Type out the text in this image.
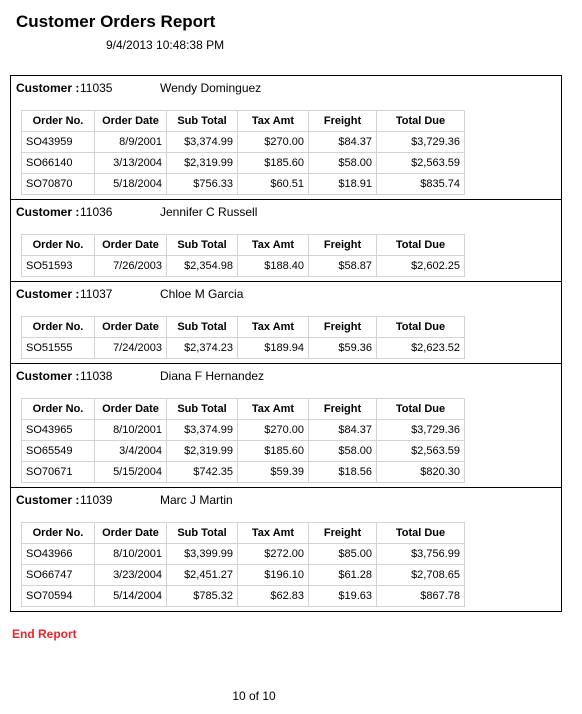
Customer Orders Report
9/4/2013 10:48:38 PM
Customer : 11035	Wendy Dominguez
Order No.	Order Date	Sub Total	Tax Amt	Freight	Total Due
SO43959	8/9/2001	$3,374.99	$270.00	$84.37	$3,729.36
SO66140	3/13/2004	$2,319.99	$185.60	$58.00	$2,563.59
SO70870	5/18/2004	$756.33	$60.51	$18.91	$835.74
Customer : 11036	Jennifer C Russell
Order No.	Order Date	Sub Total	Tax Amt	Freight	Total Due
SO51593	7/26/2003	$2,354.98	$188.40	$58.87	$2,602.25
Customer : 11037	Chloe M Garcia
Order No.	Order Date	Sub Total	Tax Amt	Freight	Total Due
SO51555	7/24/2003	$2,374.23	$189.94	$59.36	$2,623.52
Customer : 11038	Diana F Hernandez
Order No.	Order Date	Sub Total	Tax Amt	Freight	Total Due
SO43965	8/10/2001	$3,374.99	$270.00	$84.37	$3,729.36
SO65549	3/4/2004	$2,319.99	$185.60	$58.00	$2,563.59
SO70671	5/15/2004	$742.35	$59.39	$18.56	$820.30
Customer : 11039	Marc J Martin
Order No.	Order Date	Sub Total	Tax Amt	Freight	Total Due
SO43966	8/10/2001	$3,399.99	$272.00	$85.00	$3,756.99
SO66747	3/23/2004	$2,451.27	$196.10	$61.28	$2,708.65
SO70594	5/14/2004	$785.32	$62.83	$19.63	$867.78
End Report
10 of 10
